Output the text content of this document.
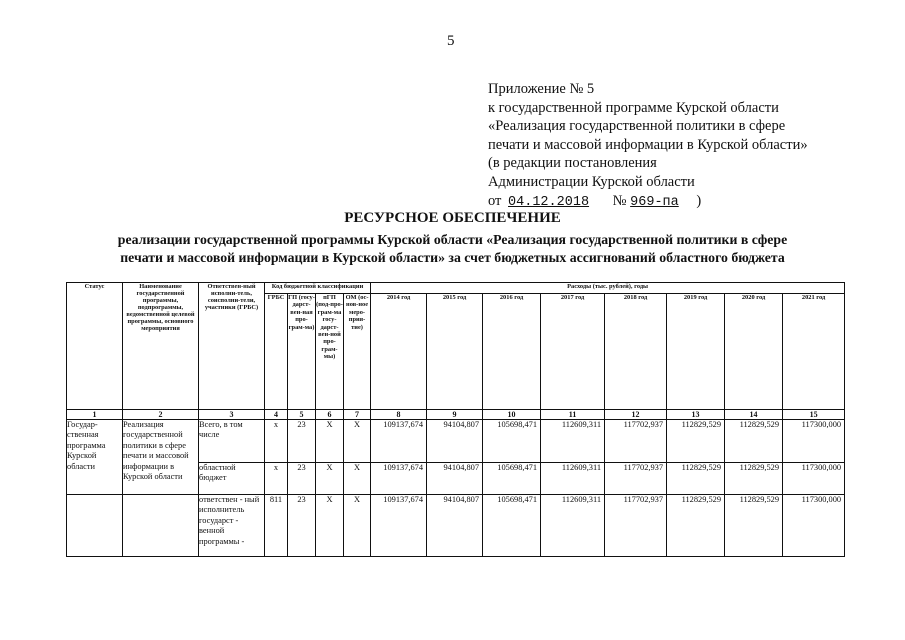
5
Приложение № 5
к государственной программе Курской области
«Реализация государственной политики в сфере
печати и массовой информации в Курской области»
(в редакции постановления
Администрации Курской области
от 04.12.2018 № 969-па )
РЕСУРСНОЕ ОБЕСПЕЧЕНИЕ
реализации государственной программы Курской области «Реализация государственной политики в сфере
печати и массовой информации в Курской области» за счет бюджетных ассигнований областного бюджета
Статус	Наименование государственной программы, подпрограммы, ведомственной целевой программы, основного мероприятия	Ответствен-ный исполни-тель, соисполни-тели, участники (ГРБС)	Код бюджетной классификации				Расходы (тыс. рублей), годы							
			ГРБС	ГП (госу-дарст-вен-ная про-грам-ма)	пГП (под-про-грам-ма госу-дарст-вен-ной про-грам-мы)	ОМ (ос-нов-ное меро-прия-тие)	2014 год	2015 год	2016 год	2017 год	2018 год	2019 год	2020 год	2021 год
1	2	3	4	5	6	7	8	9	10	11	12	13	14	15
Государ-ственная программа Курской области	Реализация государственной политики в сфере печати и массовой информации в Курской области	Всего, в том числе	х	23	Х	Х	109137,674	94104,807	105698,471	112609,311	117702,937	112829,529	112829,529	117300,000
		областной бюджет	х	23	Х	Х	109137,674	94104,807	105698,471	112609,311	117702,937	112829,529	112829,529	117300,000
		ответствен - ный исполнитель государст - венной программы -	811	23	Х	Х	109137,674	94104,807	105698,471	112609,311	117702,937	112829,529	112829,529	117300,000
